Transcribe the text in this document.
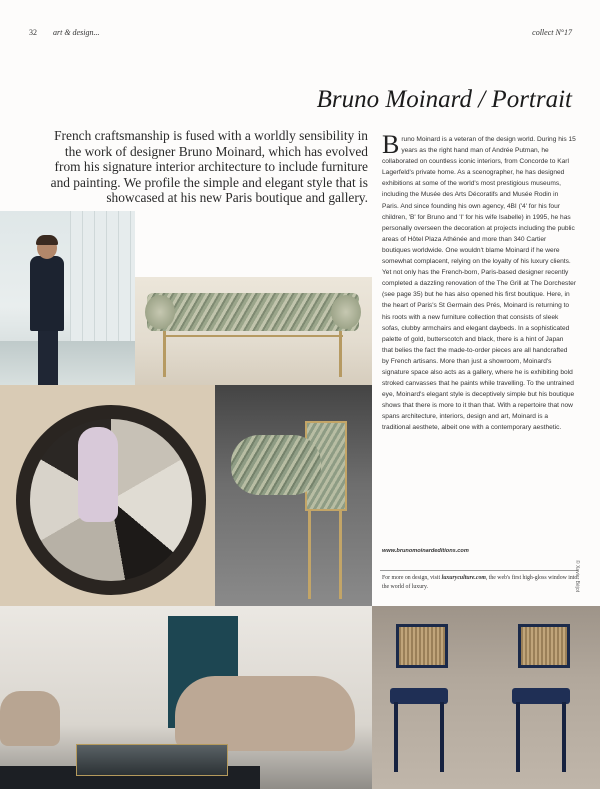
32 art & design...	collect N°17
Bruno Moinard / Portrait
French craftsmanship is fused with a worldly sensibility in the work of designer Bruno Moinard, which has evolved from his signature interior architecture to include furniture and painting. We profile the simple and elegant style that is showcased at his new Paris boutique and gallery.
Bruno Moinard is a veteran of the design world. During his 15 years as the right hand man of Andrée Putman, he collaborated on countless iconic interiors, from Concorde to Karl Lagerfeld's private home. As a scenographer, he has designed exhibitions at some of the world's most prestigious museums, including the Musée des Arts Décoratifs and Musée Rodin in Paris. And since founding his own agency, 4BI ('4' for his four children, 'B' for Bruno and 'I' for his wife Isabelle) in 1995, he has personally overseen the decoration at projects including the public areas of Hôtel Plaza Athénée and more than 340 Cartier boutiques worldwide. One wouldn't blame Moinard if he were somewhat complacent, relying on the loyalty of his luxury clients. Yet not only has the French-born, Paris-based designer recently completed a dazzling renovation of the The Grill at The Dorchester (see page 35) but he has also opened his first boutique. Here, in the heart of Paris's St Germain des Prés, Moinard is returning to his roots with a new furniture collection that consists of sleek sofas, clubby armchairs and elegant daybeds. In a sophisticated palette of gold, butterscotch and black, there is a hint of Japan that belies the fact the made-to-order pieces are all handcrafted by French artisans. More than just a showroom, Moinard's signature space also acts as a gallery, where he is exhibiting bold stroked canvasses that he paints while travelling. To the untrained eye, Moinard's elegant style is deceptively simple but his boutique shows that there is more to it than that. With a repertoire that now spans architecture, interiors, design and art, Moinard is a traditional aesthete, albeit one with a contemporary aesthetic.
www.brunomoinardeditions.com
For more on design, visit luxuryculture.com, the web's first high-gloss window into the world of luxury.	© Xavier Béjot
